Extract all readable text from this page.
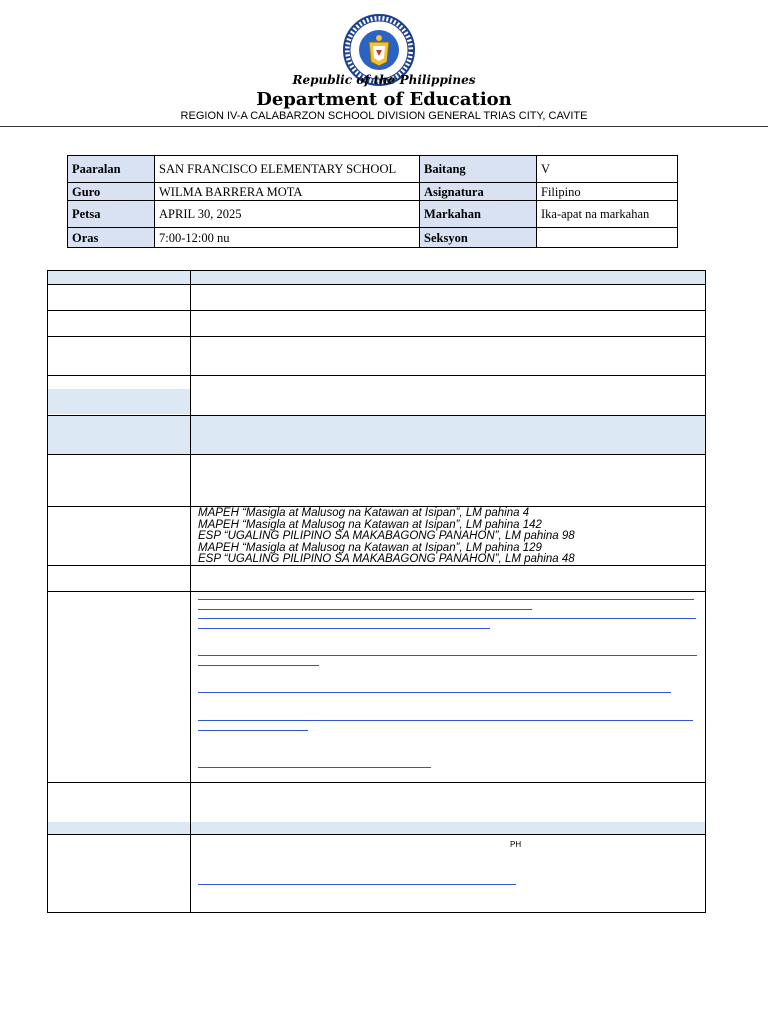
Republic of the Philippines
Department of Education
REGION IV-A CALABARZON SCHOOL DIVISION GENERAL TRIAS CITY, CAVITE
Paaralan	SAN FRANCISCO ELEMENTARY SCHOOL	Baitang	V
Guro	WILMA BARRERA MOTA	Asignatura	Filipino
Petsa	APRIL 30, 2025	Markahan	Ika-apat na markahan
Oras	7:00-12:00 nu	Seksyon	
MAPEH “Masigla at Malusog na Katawan at Isipan”, LM pahina 4
MAPEH “Masigla at Malusog na Katawan at Isipan”, LM pahina 142
ESP “UGALING PILIPINO SA MAKABAGONG PANAHON”, LM pahina 98
MAPEH “Masigla at Malusog na Katawan at Isipan”, LM pahina 129
ESP “UGALING PILIPINO SA MAKABAGONG PANAHON”, LM pahina 48
PH
